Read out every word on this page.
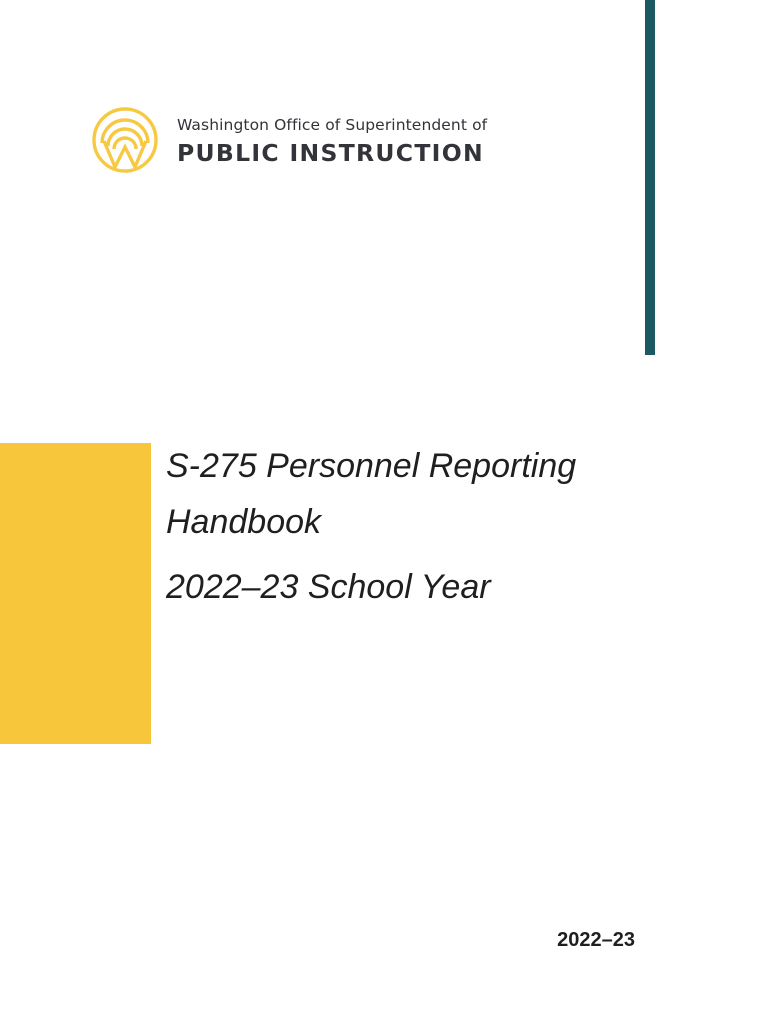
Washington Office of Superintendent of
PUBLIC INSTRUCTION
S-275 Personnel Reporting
Handbook
2022–23 School Year
2022–23
